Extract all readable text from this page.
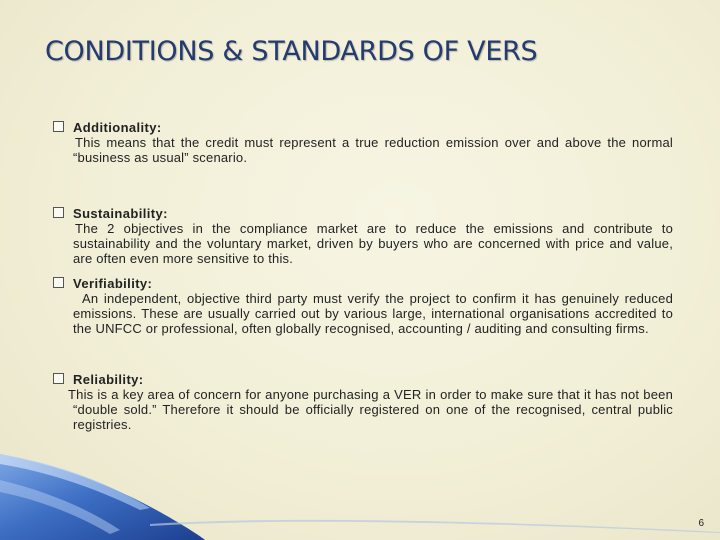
CONDITIONS & STANDARDS OF VERS
Additionality:
This means that the credit must represent a true reduction emission over and above the normal “business as usual” scenario.
Sustainability:
The 2 objectives in the compliance market are to reduce the emissions and contribute to sustainability and the voluntary market, driven by buyers who are concerned with price and value, are often even more sensitive to this.
Verifiability:
An independent, objective third party must verify the project to confirm it has genuinely reduced emissions. These are usually carried out by various large, international organisations accredited to the UNFCC or professional, often globally recognised, accounting / auditing and consulting firms.
Reliability:
This is a key area of concern for anyone purchasing a VER in order to make sure that it has not been “double sold.” Therefore it should be officially registered on one of the recognised, central public registries.
6
